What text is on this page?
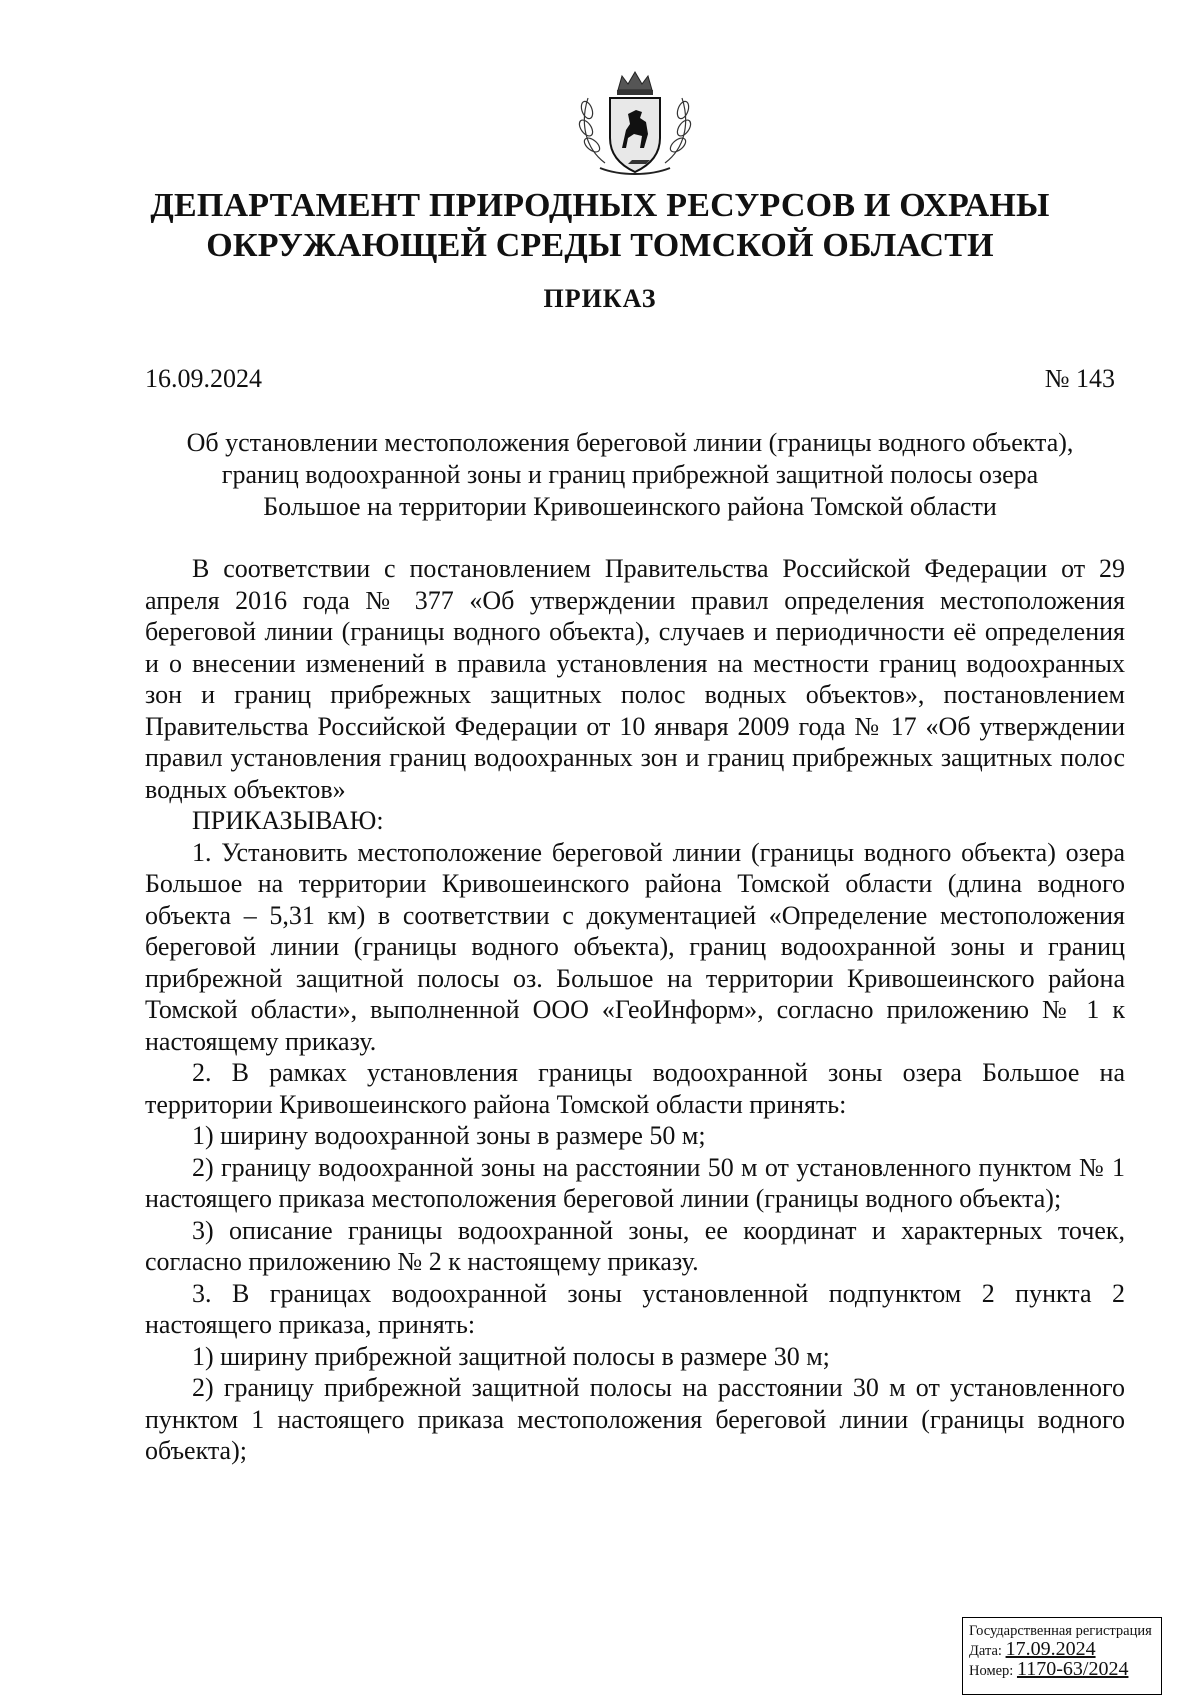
ДЕПАРТАМЕНТ ПРИРОДНЫХ РЕСУРСОВ И ОХРАНЫ
ОКРУЖАЮЩЕЙ СРЕДЫ ТОМСКОЙ ОБЛАСТИ
ПРИКАЗ
16.09.2024	№ 143
Об установлении местоположения береговой линии (границы водного объекта),
границ водоохранной зоны и границ прибрежной защитной полосы озера
Большое на территории Кривошеинского района Томской области

В соответствии с постановлением Правительства Российской Федерации от 29 апреля 2016 года № 377 «Об утверждении правил определения местоположения береговой линии (границы водного объекта), случаев и периодичности её определения и о внесении изменений в правила установления на местности границ водоохранных зон и границ прибрежных защитных полос водных объектов», постановлением Правительства Российской Федерации от 10 января 2009 года № 17 «Об утверждении правил установления границ водоохранных зон и границ прибрежных защитных полос водных объектов»

ПРИКАЗЫВАЮ:

1. Установить местоположение береговой линии (границы водного объекта) озера Большое на территории Кривошеинского района Томской области (длина водного объекта – 5,31 км) в соответствии с документацией «Определение местоположения береговой линии (границы водного объекта), границ водоохранной зоны и границ прибрежной защитной полосы оз. Большое на территории Кривошеинского района Томской области», выполненной ООО «ГеоИнформ», согласно приложению № 1 к настоящему приказу.

2. В рамках установления границы водоохранной зоны озера Большое на территории Кривошеинского района Томской области принять:

1) ширину водоохранной зоны в размере 50 м;

2) границу водоохранной зоны на расстоянии 50 м от установленного пунктом № 1 настоящего приказа местоположения береговой линии (границы водного объекта);

3) описание границы водоохранной зоны, ее координат и характерных точек, согласно приложению № 2 к настоящему приказу.

3. В границах водоохранной зоны установленной подпунктом 2 пункта 2 настоящего приказа, принять:

1) ширину прибрежной защитной полосы в размере 30 м;

2) границу прибрежной защитной полосы на расстоянии 30 м от установленного пунктом 1 настоящего приказа местоположения береговой линии (границы водного объекта);

Государственная регистрация
Дата: 17.09.2024
Номер: 1170-63/2024
